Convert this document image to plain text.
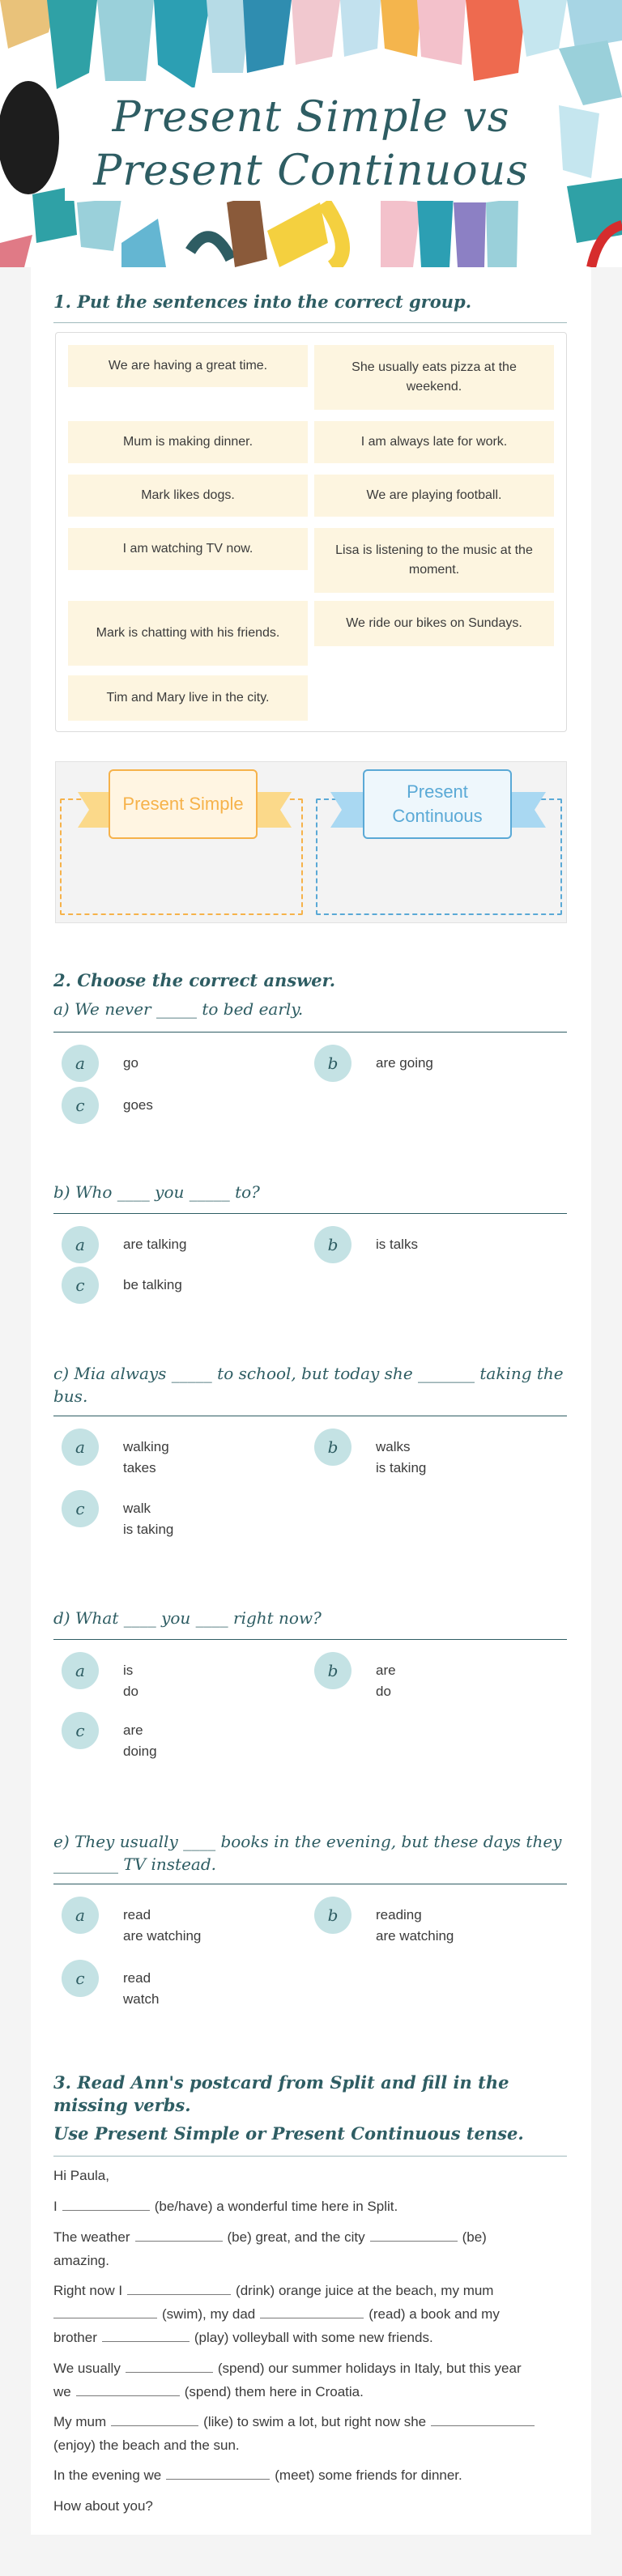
Present Simple vs
Present Continuous
1. Put the sentences into the correct group.
We are having a great time.	She usually eats pizza at the weekend.
Mum is making dinner.	I am always late for work.
Mark likes dogs.	We are playing football.
I am watching TV now.	Lisa is listening to the music at the moment.
Mark is chatting with his friends.
We ride our bikes on Sundays.
Tim and Mary live in the city.
Present Simple
Present Continuous
2. Choose the correct answer.
a) We never _____ to bed early.
a	go	b	are going
c	goes
b) Who ____ you _____ to?
a	are talking	b	is talks
c	be talking
c) Mia always _____ to school, but today she _______ taking the bus.
a	walking
takes
b	walks
is taking
c	walk
is taking
d) What ____ you ____ right now?
a	is
do
b	are
do
c	are
doing
e) They usually ____ books in the evening, but these days they ________ TV instead.
a	read
are watching
b	reading
are watching
c	read
watch
3. Read Ann's postcard from Split and fill in the missing verbs.
Use Present Simple or Present Continuous tense.
Hi Paula,
I	(be/have) a wonderful time here in Split.
The weather	(be) great, and the city	(be)
amazing.
Right now I	(drink) orange juice at the beach, my mum
(swim), my dad	(read) a book and my
brother	(play) volleyball with some new friends.
We usually	(spend) our summer holidays in Italy, but this year
we	(spend) them here in Croatia.
My mum	(like) to swim a lot, but right now she
(enjoy) the beach and the sun.
In the evening we	(meet) some friends for dinner.
How about you?
